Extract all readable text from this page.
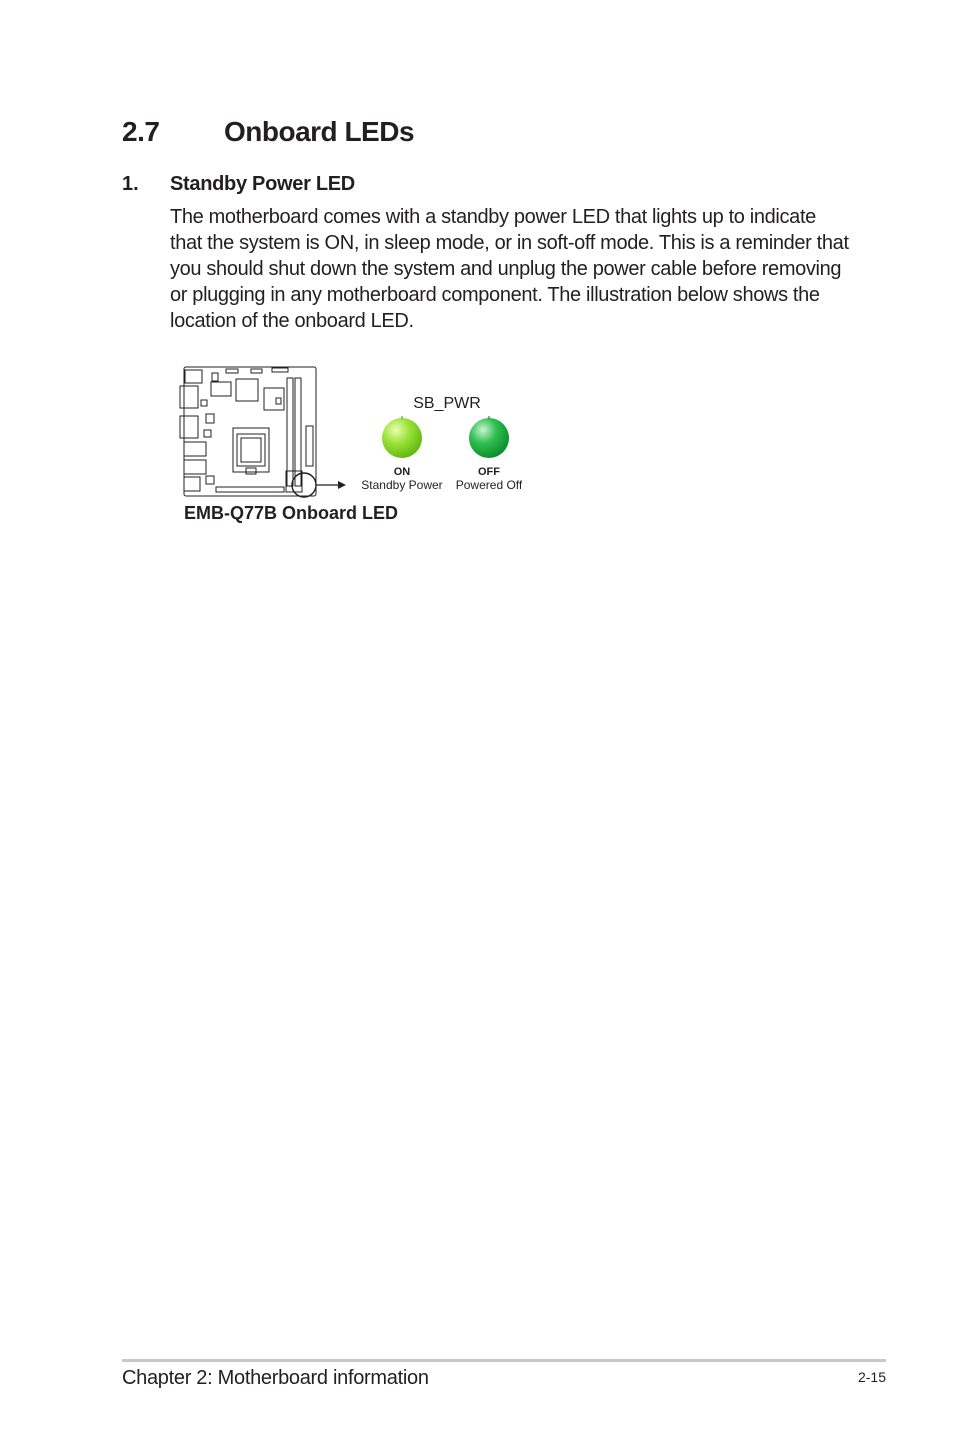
2.7 Onboard LEDs
1. Standby Power LED

The motherboard comes with a standby power LED that lights up to indicate that the system is ON, in sleep mode, or in soft-off mode. This is a reminder that you should shut down the system and unplug the power cable before removing or plugging in any motherboard component. The illustration below shows the location of the onboard LED.

SB_PWR
ON
Standby Power
OFF
Powered Off
EMB-Q77B Onboard LED
Chapter 2: Motherboard information	2-15
